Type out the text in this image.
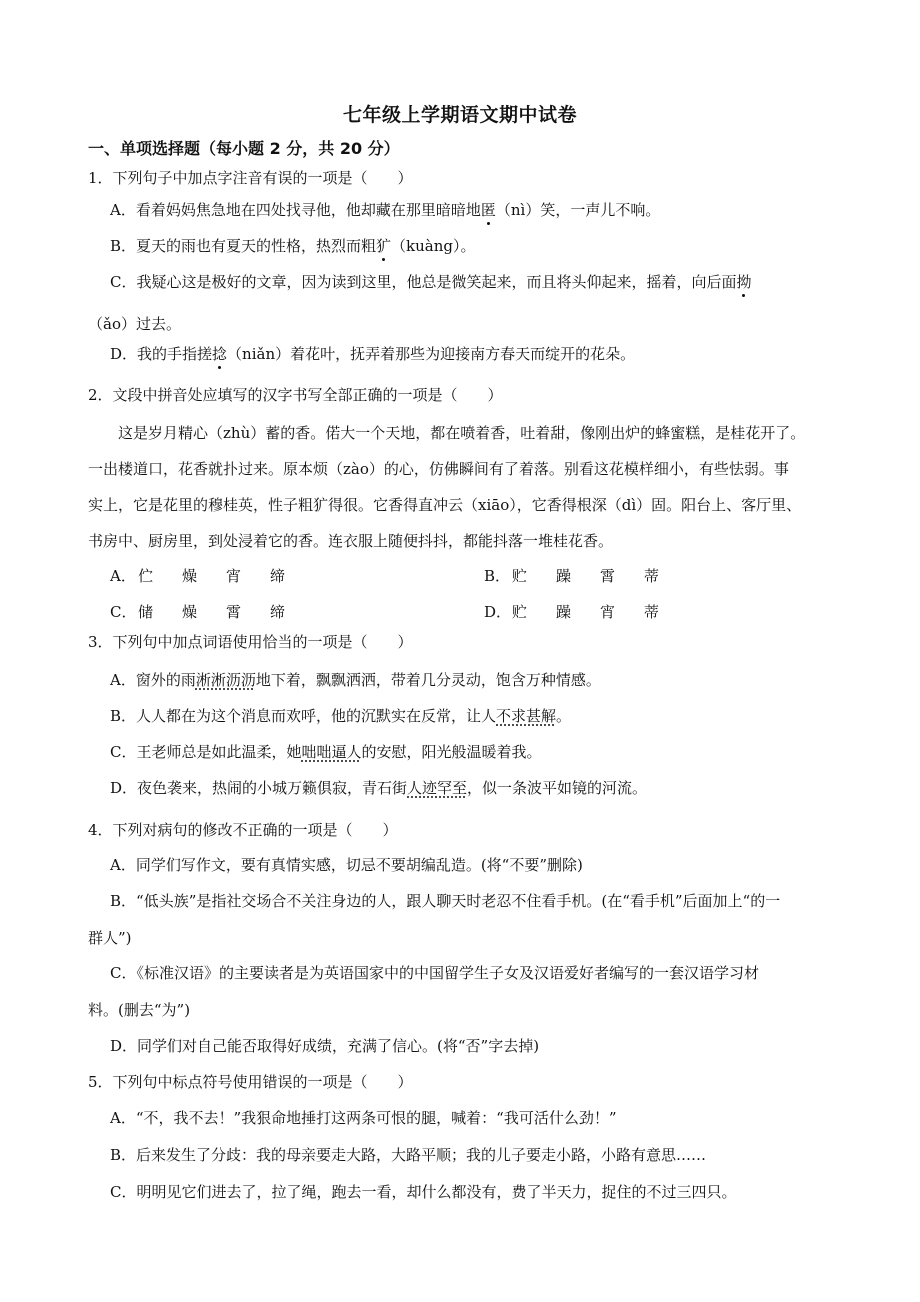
七年级上学期语文期中试卷
一、单项选择题（每小题 2 分，共 20 分）
1．下列句子中加点字注音有误的一项是（　　）
A．看着妈妈焦急地在四处找寻他，他却藏在那里暗暗地匿（nì）笑，一声儿不响。
B．夏天的雨也有夏天的性格，热烈而粗犷（kuàng）。
C．我疑心这是极好的文章，因为读到这里，他总是微笑起来，而且将头仰起来，摇着，向后面拗
（ǎo）过去。
D．我的手指搓捻（niǎn）着花叶，抚弄着那些为迎接南方春天而绽开的花朵。
2．文段中拼音处应填写的汉字书写全部正确的一项是（　　）
这是岁月精心（zhù）蓄的香。偌大一个天地，都在喷着香，吐着甜，像刚出炉的蜂蜜糕，是桂花开了。
一出楼道口，花香就扑过来。原本烦（zào）的心，仿佛瞬间有了着落。别看这花模样细小，有些怯弱。事
实上，它是花里的穆桂英，性子粗犷得很。它香得直冲云（xiāo），它香得根深（dì）固。阳台上、客厅里、
书房中、厨房里，到处浸着它的香。连衣服上随便抖抖，都能抖落一堆桂花香。
A． 伫 燥 宵 缔	B． 贮 躁 霄 蒂
C． 储 燥 霄 缔	D．贮 躁 宵 蒂
3．下列句中加点词语使用恰当的一项是（　　）
A．窗外的雨淅淅沥沥地下着，飘飘洒洒，带着几分灵动，饱含万种情感。
B．人人都在为这个消息而欢呼，他的沉默实在反常，让人不求甚解。
C．王老师总是如此温柔，她咄咄逼人的安慰，阳光般温暖着我。
D．夜色袭来，热闹的小城万籁俱寂，青石街人迹罕至，似一条波平如镜的河流。
4．下列对病句的修改不正确的一项是（　　）
A．同学们写作文，要有真情实感，切忌不要胡编乱造。(将“不要”删除)
B．“低头族”是指社交场合不关注身边的人，跟人聊天时老忍不住看手机。(在“看手机”后面加上“的一
群人”)
C．《标准汉语》的主要读者是为英语国家中的中国留学生子女及汉语爱好者编写的一套汉语学习材
料。(删去“为”)
D．同学们对自己能否取得好成绩，充满了信心。(将“否”字去掉)
5．下列句中标点符号使用错误的一项是（　　）
A．“不，我不去！”我狠命地捶打这两条可恨的腿，喊着：“我可活什么劲！”
B．后来发生了分歧：我的母亲要走大路，大路平顺；我的儿子要走小路，小路有意思……
C．明明见它们进去了，拉了绳，跑去一看，却什么都没有，费了半天力，捉住的不过三四只。
